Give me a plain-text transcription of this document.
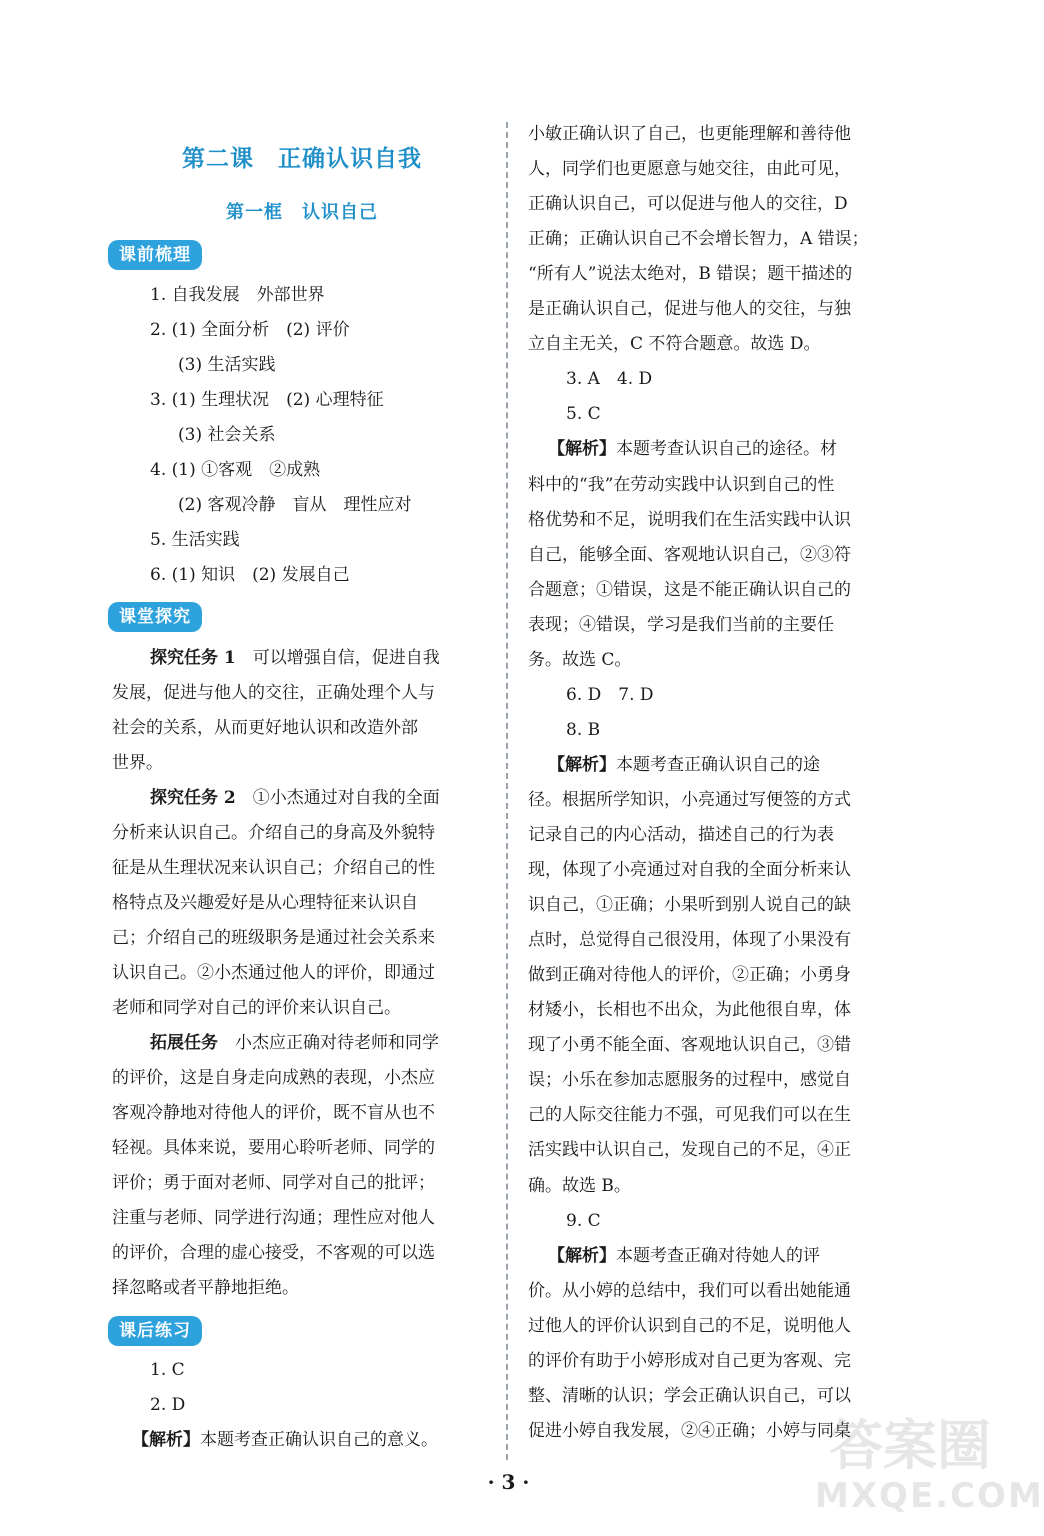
第二课　正确认识自我
第一框　认识自己
课前梳理
1. 自我发展　外部世界
2. (1) 全面分析　(2) 评价
(3) 生活实践
3. (1) 生理状况　(2) 心理特征
(3) 社会关系
4. (1) ①客观　②成熟
(2) 客观冷静　盲从　理性应对
5. 生活实践
6. (1) 知识　(2) 发展自己
课堂探究
探究任务 1　可以增强自信，促进自我
发展，促进与他人的交往，正确处理个人与
社会的关系，从而更好地认识和改造外部
世界。
探究任务 2　①小杰通过对自我的全面
分析来认识自己。介绍自己的身高及外貌特
征是从生理状况来认识自己；介绍自己的性
格特点及兴趣爱好是从心理特征来认识自
己；介绍自己的班级职务是通过社会关系来
认识自己。②小杰通过他人的评价，即通过
老师和同学对自己的评价来认识自己。
拓展任务　小杰应正确对待老师和同学
的评价，这是自身走向成熟的表现，小杰应
客观冷静地对待他人的评价，既不盲从也不
轻视。具体来说，要用心聆听老师、同学的
评价；勇于面对老师、同学对自己的批评；
注重与老师、同学进行沟通；理性应对他人
的评价，合理的虚心接受，不客观的可以选
择忽略或者平静地拒绝。
课后练习
1. C
2. D
【解析】本题考查正确认识自己的意义。
小敏正确认识了自己，也更能理解和善待他
人，同学们也更愿意与她交往，由此可见，
正确认识自己，可以促进与他人的交往，D
正确；正确认识自己不会增长智力，A 错误；
“所有人”说法太绝对，B 错误；题干描述的
是正确认识自己，促进与他人的交往，与独
立自主无关，C 不符合题意。故选 D。
3. A　4. D
5. C
【解析】本题考查认识自己的途径。材
料中的“我”在劳动实践中认识到自己的性
格优势和不足，说明我们在生活实践中认识
自己，能够全面、客观地认识自己，②③符
合题意；①错误，这是不能正确认识自己的
表现；④错误，学习是我们当前的主要任
务。故选 C。
6. D　7. D
8. B
【解析】本题考查正确认识自己的途
径。根据所学知识，小亮通过写便签的方式
记录自己的内心活动，描述自己的行为表
现，体现了小亮通过对自我的全面分析来认
识自己，①正确；小果听到别人说自己的缺
点时，总觉得自己很没用，体现了小果没有
做到正确对待他人的评价，②正确；小勇身
材矮小，长相也不出众，为此他很自卑，体
现了小勇不能全面、客观地认识自己，③错
误；小乐在参加志愿服务的过程中，感觉自
己的人际交往能力不强，可见我们可以在生
活实践中认识自己，发现自己的不足，④正
确。故选 B。
9. C
【解析】本题考查正确对待她人的评
价。从小婷的总结中，我们可以看出她能通
过他人的评价认识到自己的不足，说明他人
的评价有助于小婷形成对自己更为客观、完
整、清晰的认识；学会正确认识自己，可以
促进小婷自我发展，②④正确；小婷与同桌
· 3 ·
答案圈
MXQE.COM
